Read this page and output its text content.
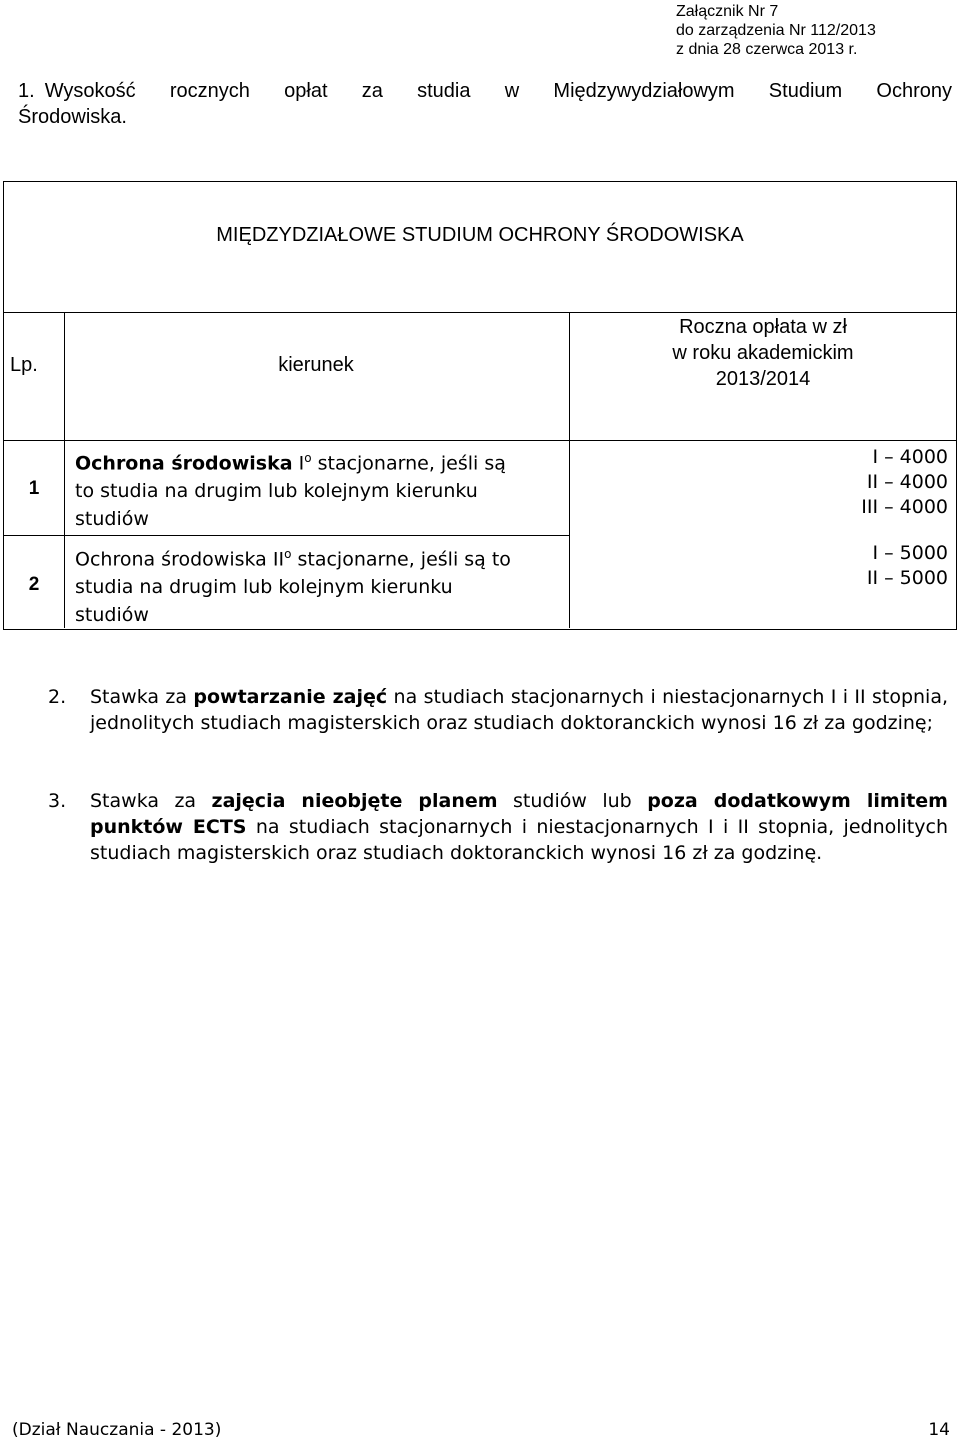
Załącznik Nr 7
do zarządzenia Nr 112/2013
z dnia 28 czerwca 2013 r.
1. Wysokość rocznych opłat za studia w Międzywydziałowym Studium Ochrony
Środowiska.
MIĘDZYDZIAŁOWE STUDIUM OCHRONY ŚRODOWISKA
Lp.	kierunek
Roczna opłata w zł
w roku akademickim
2013/2014
1
Ochrona środowiska $I^o$ stacjonarne, jeśli są
to studia na drugim lub kolejnym kierunku
studiów
I – 4000
II – 4000
III – 4000
2
Ochrona środowiska $II^o$ stacjonarne, jeśli są to
studia na drugim lub kolejnym kierunku
studiów
I – 5000
II – 5000
2. Stawka za powtarzanie zajęć na studiach stacjonarnych i niestacjonarnych I i II stopnia, jednolitych studiach magisterskich oraz studiach doktoranckich wynosi 16 zł za godzinę;
3. Stawka za zajęcia nieobjęte planem studiów lub poza dodatkowym limitem punktów ECTS na studiach stacjonarnych i niestacjonarnych I i II stopnia, jednolitych studiach magisterskich oraz studiach doktoranckich wynosi 16 zł za godzinę.
(Dział Nauczania - 2013)	14
